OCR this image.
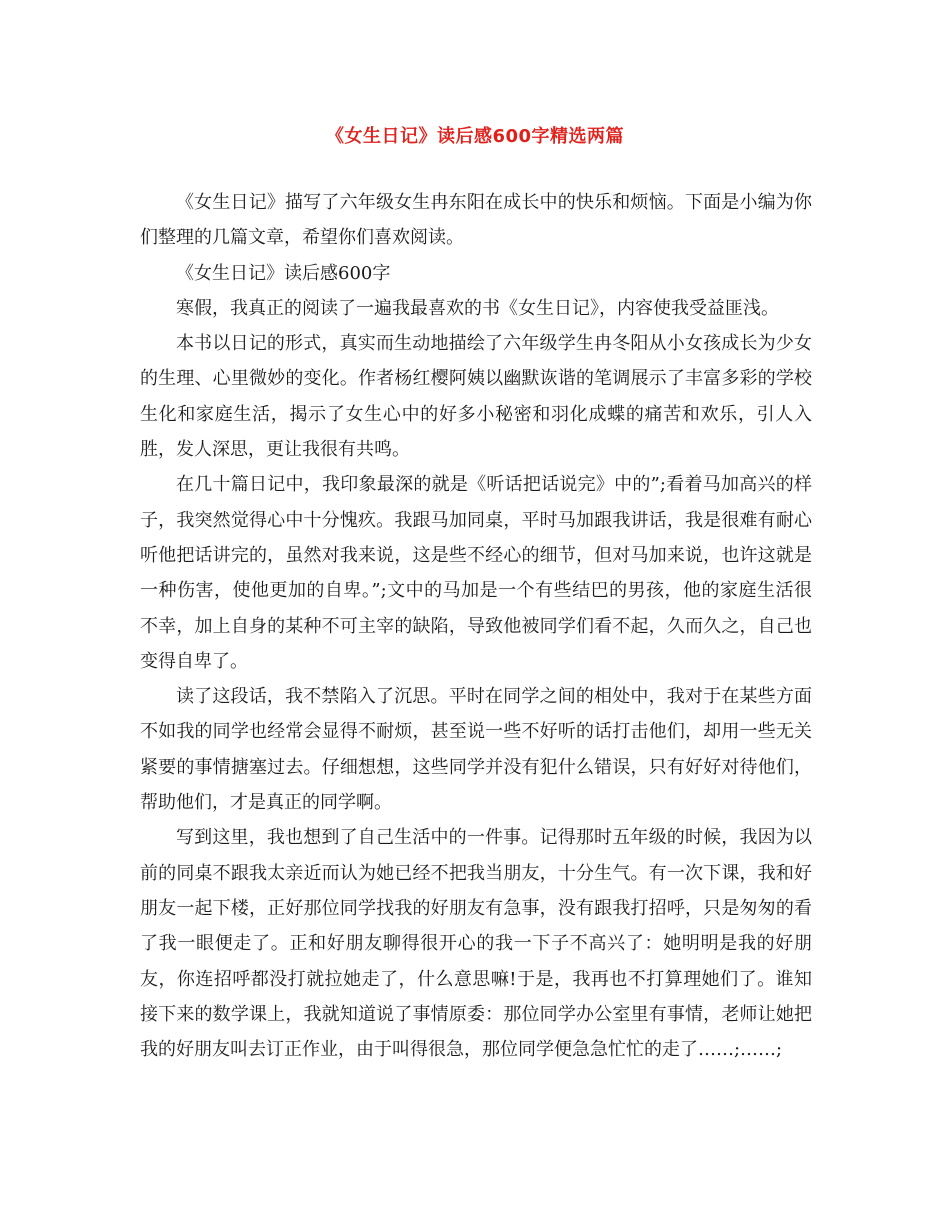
《女生日记》读后感600字精选两篇

《女生日记》描写了六年级女生冉东阳在成长中的快乐和烦恼。下面是小编为你们整理的几篇文章，希望你们喜欢阅读。

《女生日记》读后感600字

寒假，我真正的阅读了一遍我最喜欢的书《女生日记》，内容使我受益匪浅。

本书以日记的形式，真实而生动地描绘了六年级学生冉冬阳从小女孩成长为少女的生理、心里微妙的变化。作者杨红樱阿姨以幽默诙谐的笔调展示了丰富多彩的学校生化和家庭生活，揭示了女生心中的好多小秘密和羽化成蝶的痛苦和欢乐，引人入胜，发人深思，更让我很有共鸣。

在几十篇日记中，我印象最深的就是《听话把话说完》中的”;看着马加高兴的样子，我突然觉得心中十分愧疚。我跟马加同桌，平时马加跟我讲话，我是很难有耐心听他把话讲完的，虽然对我来说，这是些不经心的细节，但对马加来说，也许这就是一种伤害，使他更加的自卑。”;文中的马加是一个有些结巴的男孩，他的家庭生活很不幸，加上自身的某种不可主宰的缺陷，导致他被同学们看不起，久而久之，自己也变得自卑了。

读了这段话，我不禁陷入了沉思。平时在同学之间的相处中，我对于在某些方面不如我的同学也经常会显得不耐烦，甚至说一些不好听的话打击他们，却用一些无关紧要的事情搪塞过去。仔细想想，这些同学并没有犯什么错误，只有好好对待他们，帮助他们，才是真正的同学啊。

写到这里，我也想到了自己生活中的一件事。记得那时五年级的时候，我因为以前的同桌不跟我太亲近而认为她已经不把我当朋友，十分生气。有一次下课，我和好朋友一起下楼，正好那位同学找我的好朋友有急事，没有跟我打招呼，只是匆匆的看了我一眼便走了。正和好朋友聊得很开心的我一下子不高兴了：她明明是我的好朋友，你连招呼都没打就拉她走了，什么意思嘛!于是，我再也不打算理她们了。谁知接下来的数学课上，我就知道说了事情原委：那位同学办公室里有事情，老师让她把我的好朋友叫去订正作业，由于叫得很急，那位同学便急急忙忙的走了……;……;
